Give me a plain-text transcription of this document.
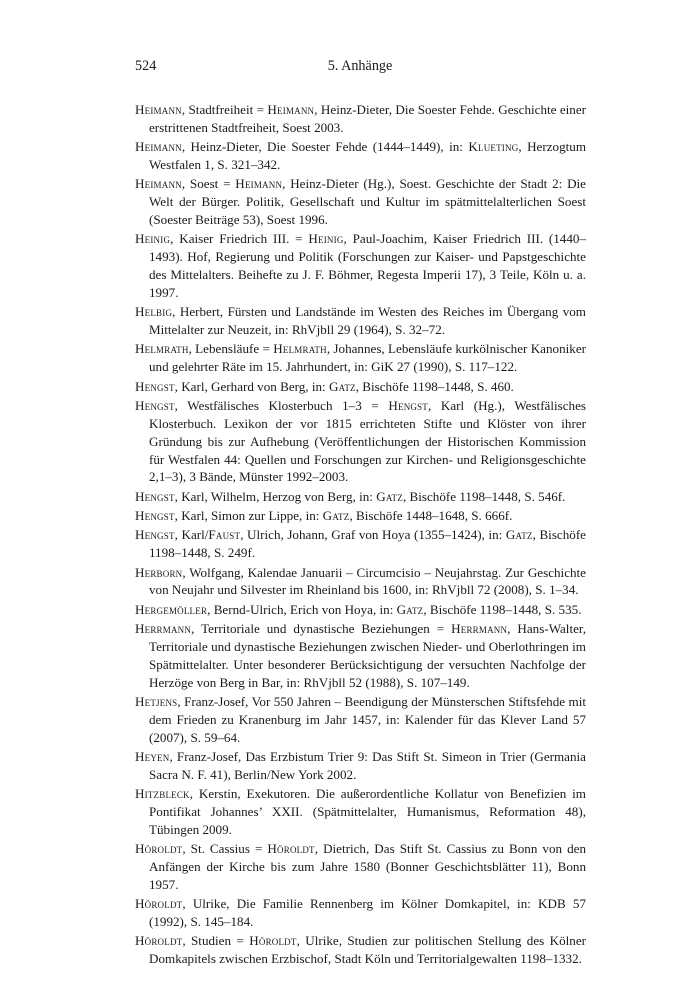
524	5. Anhänge

Heimann, Stadtfreiheit = Heimann, Heinz-Dieter, Die Soester Fehde. Geschichte einer erstrittenen Stadtfreiheit, Soest 2003.

Heimann, Heinz-Dieter, Die Soester Fehde (1444–1449), in: Klueting, Herzogtum Westfalen 1, S. 321–342.

Heimann, Soest = Heimann, Heinz-Dieter (Hg.), Soest. Geschichte der Stadt 2: Die Welt der Bürger. Politik, Gesellschaft und Kultur im spätmittelalterlichen Soest (Soester Beiträge 53), Soest 1996.

Heinig, Kaiser Friedrich III. = Heinig, Paul-Joachim, Kaiser Friedrich III. (1440–1493). Hof, Regierung und Politik (Forschungen zur Kaiser- und Papstgeschichte des Mittelalters. Beihefte zu J. F. Böhmer, Regesta Imperii 17), 3 Teile, Köln u. a. 1997.

Helbig, Herbert, Fürsten und Landstände im Westen des Reiches im Übergang vom Mittelalter zur Neuzeit, in: RhVjbll 29 (1964), S. 32–72.

Helmrath, Lebensläufe = Helmrath, Johannes, Lebensläufe kurkölnischer Kanoniker und gelehrter Räte im 15. Jahrhundert, in: GiK 27 (1990), S. 117–122.

Hengst, Karl, Gerhard von Berg, in: Gatz, Bischöfe 1198–1448, S. 460.

Hengst, Westfälisches Klosterbuch 1–3 = Hengst, Karl (Hg.), Westfälisches Klosterbuch. Lexikon der vor 1815 errichteten Stifte und Klöster von ihrer Gründung bis zur Aufhebung (Veröffentlichungen der Historischen Kommission für Westfalen 44: Quellen und Forschungen zur Kirchen- und Religionsgeschichte 2,1–3), 3 Bände, Münster 1992–2003.

Hengst, Karl, Wilhelm, Herzog von Berg, in: Gatz, Bischöfe 1198–1448, S. 546f.

Hengst, Karl, Simon zur Lippe, in: Gatz, Bischöfe 1448–1648, S. 666f.

Hengst, Karl/Faust, Ulrich, Johann, Graf von Hoya (1355–1424), in: Gatz, Bischöfe 1198–1448, S. 249f.

Herborn, Wolfgang, Kalendae Januarii – Circumcisio – Neujahrstag. Zur Geschichte von Neujahr und Silvester im Rheinland bis 1600, in: RhVjbll 72 (2008), S. 1–34.

Hergemöller, Bernd-Ulrich, Erich von Hoya, in: Gatz, Bischöfe 1198–1448, S. 535.

Herrmann, Territoriale und dynastische Beziehungen = Herrmann, Hans-Walter, Territoriale und dynastische Beziehungen zwischen Nieder- und Oberlothringen im Spätmittelalter. Unter besonderer Berücksichtigung der versuchten Nachfolge der Herzöge von Berg in Bar, in: RhVjbll 52 (1988), S. 107–149.

Hetjens, Franz-Josef, Vor 550 Jahren – Beendigung der Münsterschen Stiftsfehde mit dem Frieden zu Kranenburg im Jahr 1457, in: Kalender für das Klever Land 57 (2007), S. 59–64.

Heyen, Franz-Josef, Das Erzbistum Trier 9: Das Stift St. Simeon in Trier (Germania Sacra N. F. 41), Berlin/New York 2002.

Hitzbleck, Kerstin, Exekutoren. Die außerordentliche Kollatur von Benefizien im Pontifikat Johannes’ XXII. (Spätmittelalter, Humanismus, Reformation 48), Tübingen 2009.

Höroldt, St. Cassius = Höroldt, Dietrich, Das Stift St. Cassius zu Bonn von den Anfängen der Kirche bis zum Jahre 1580 (Bonner Geschichtsblätter 11), Bonn 1957.

Höroldt, Ulrike, Die Familie Rennenberg im Kölner Domkapitel, in: KDB 57 (1992), S. 145–184.

Höroldt, Studien = Höroldt, Ulrike, Studien zur politischen Stellung des Kölner Domkapitels zwischen Erzbischof, Stadt Köln und Territorialgewalten 1198–1332.
